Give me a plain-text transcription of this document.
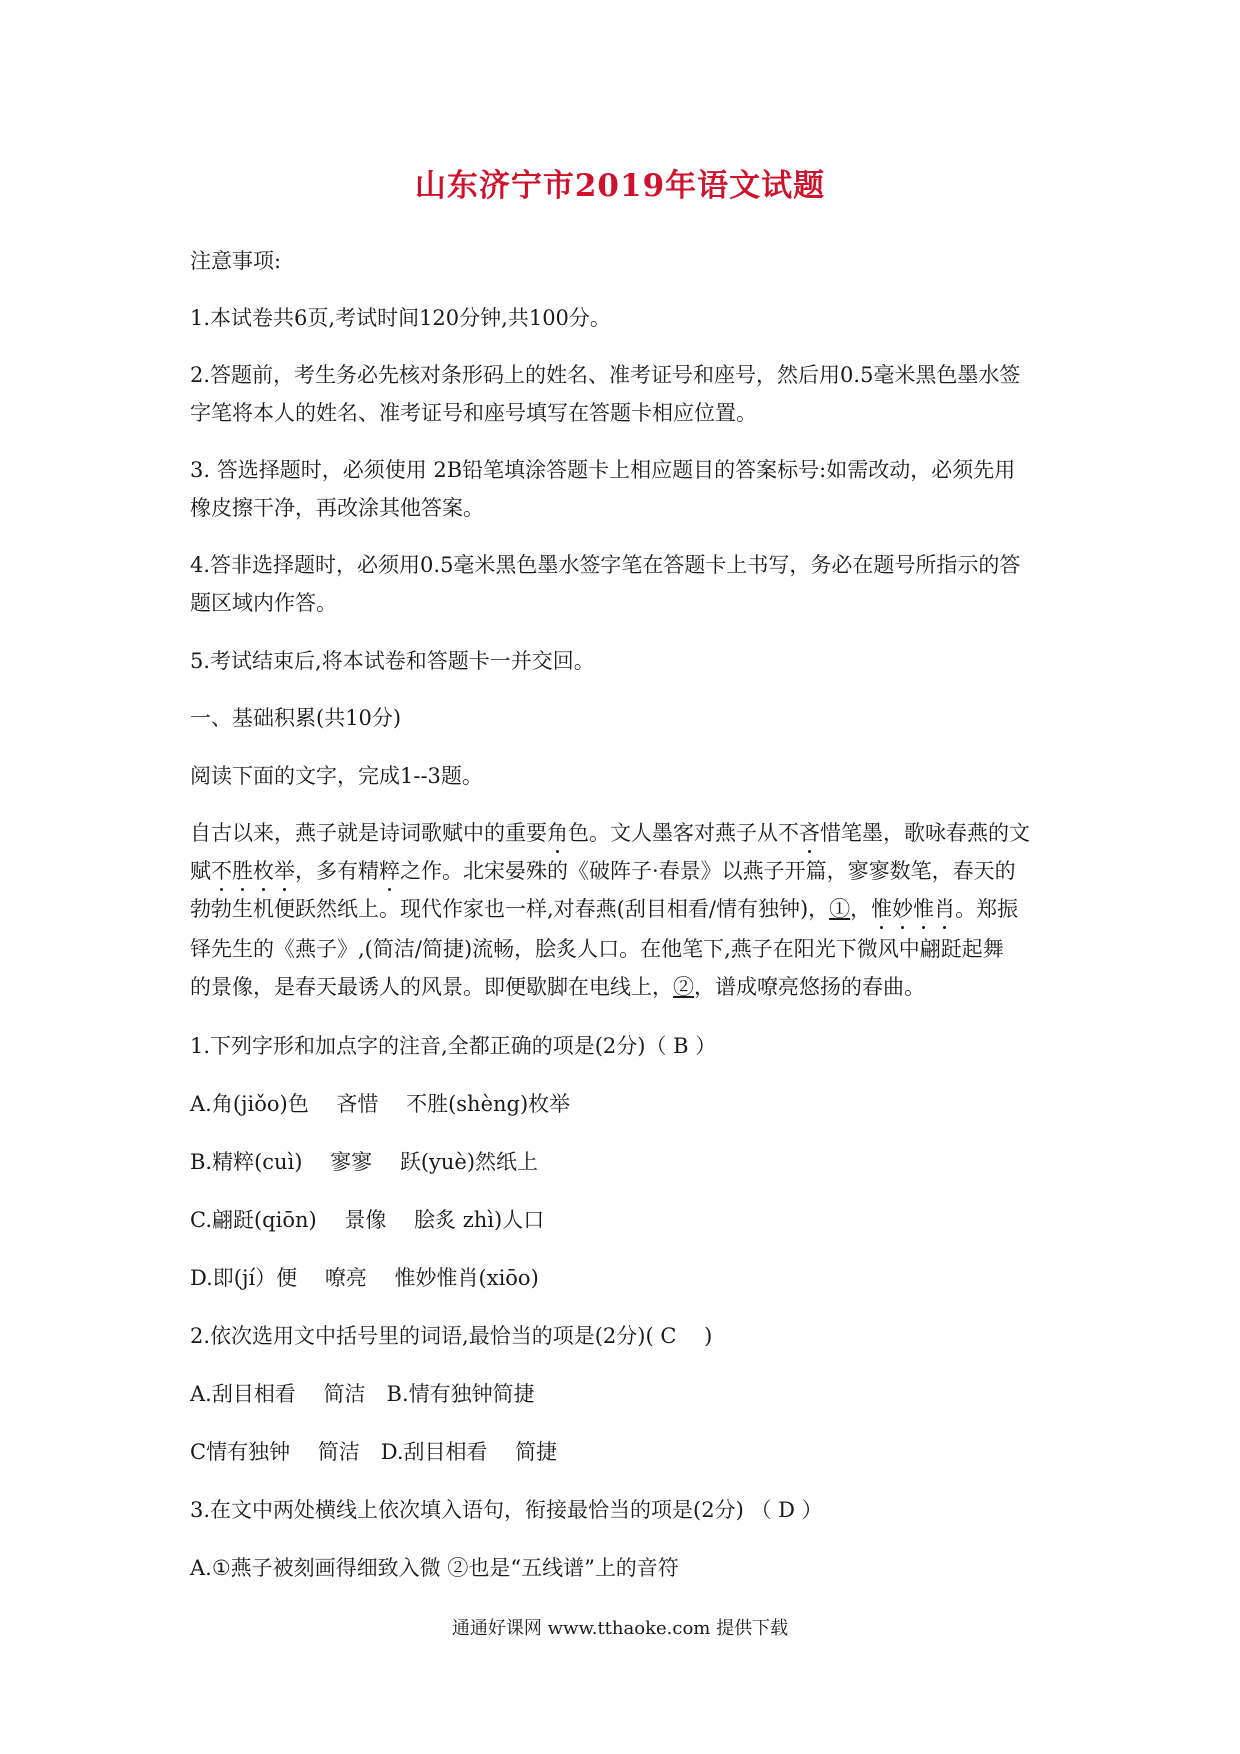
山东济宁市2019年语文试题
注意事项:
1.本试卷共6页,考试时间120分钟,共100分。
2.答题前，考生务必先核对条形码上的姓名、准考证号和座号，然后用0.5毫米黑色墨水签
字笔将本人的姓名、准考证号和座号填写在答题卡相应位置。
3. 答选择题时，必须使用 2B铅笔填涂答题卡上相应题目的答案标号:如需改动，必须先用
橡皮擦干净，再改涂其他答案。
4.答非选择题时，必须用0.5毫米黑色墨水签字笔在答题卡上书写，务必在题号所指示的答
题区域内作答。
5.考试结束后,将本试卷和答题卡一并交回。
一、基础积累(共10分)
阅读下面的文字，完成1--3题。
自古以来，燕子就是诗词歌赋中的重要角色。文人墨客对燕子从不吝惜笔墨，歌咏春燕的文
赋不胜枚举，多有精粹之作。北宋晏殊的《破阵子·春景》以燕子开篇，寥寥数笔，春天的
勃勃生机便跃然纸上。现代作家也一样,对春燕(刮目相看/情有独钟)，①，惟妙惟肖。郑振
铎先生的《燕子》,(简洁/简捷)流畅，脍炙人口。在他笔下,燕子在阳光下微风中翩跹起舞
的景像，是春天最诱人的风景。即便歇脚在电线上，②，谱成嘹亮悠扬的春曲。
1.下列字形和加点字的注音,全都正确的项是(2分)（ B ）
A.角(jiǒo)色　 吝惜　 不胜(shèng)枚举
B.精粹(cuì)　 寥寥　 跃(yuè)然纸上
C.翩跹(qiōn)　 景像　 脍炙 zhì)人口
D.即(jí）便　 嘹亮　 惟妙惟肖(xiōo)
2.依次选用文中括号里的词语,最恰当的项是(2分)( C　 )
A.刮目相看　 简洁　B.情有独钟简捷
C情有独钟　 简洁　D.刮目相看　 简捷
3.在文中两处横线上依次填入语句，衔接最恰当的项是(2分) （ D ）
A.①燕子被刻画得细致入微 ②也是“五线谱”上的音符
通通好课网 www.tthaoke.com 提供下载
